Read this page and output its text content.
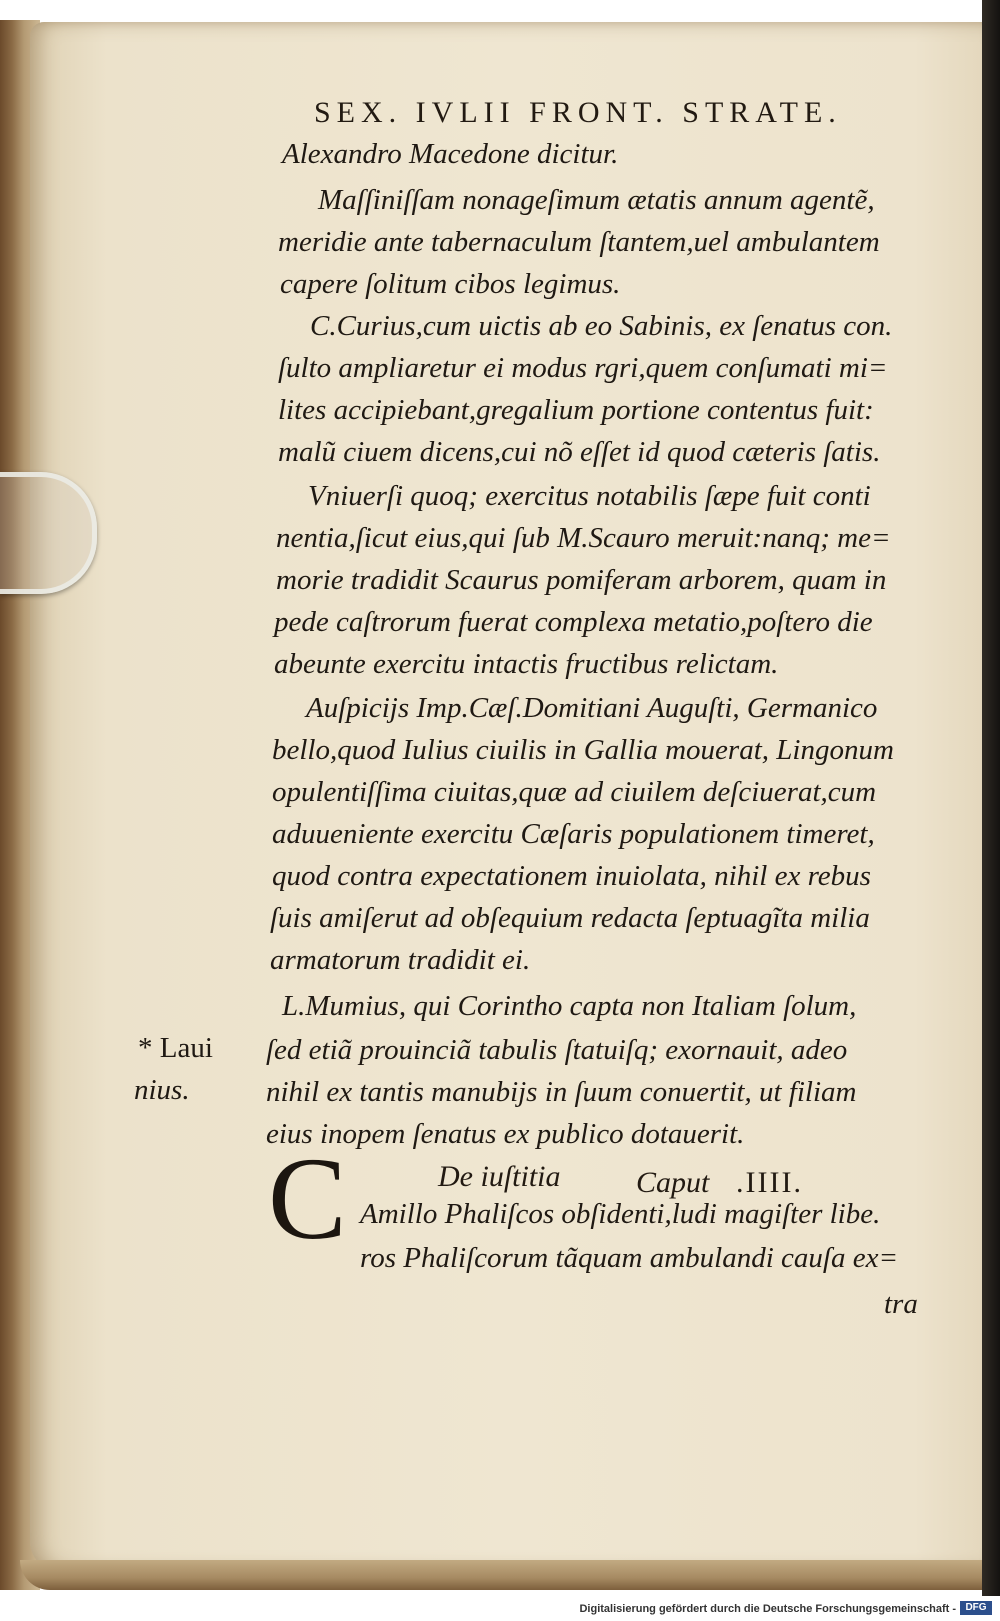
SEX. IVLII FRONT. STRATE.
Alexandro Macedone dicitur.
Maſſiniſſam nonageſimum ætatis annum agentẽ,
meridie ante tabernaculum ſtantem,uel ambulantem
capere ſolitum cibos legimus.
C.Curius,cum uictis ab eo Sabinis, ex ſenatus con.
ſulto ampliaretur ei modus rgri,quem conſumati mi=
lites accipiebant,gregalium portione contentus fuit:
malũ ciuem dicens,cui nõ eſſet id quod cæteris ſatis.
Vniuerſi quoq; exercitus notabilis ſæpe fuit conti
nentia,ſicut eius,qui ſub M.Scauro meruit:nanq; me=
morie tradidit Scaurus pomiferam arborem, quam in
pede caſtrorum fuerat complexa metatio,poſtero die
abeunte exercitu intactis fructibus relictam.
Auſpicijs Imp.Cæſ.Domitiani Auguſti, Germanico
bello,quod Iulius ciuilis in Gallia mouerat, Lingonum
opulentiſſima ciuitas,quæ ad ciuilem deſciuerat,cum
aduueniente exercitu Cæſaris populationem timeret,
quod contra expectationem inuiolata, nihil ex rebus
ſuis amiſerut ad obſequium redacta ſeptuagĩta milia
armatorum tradidit ei.
L.Mumius, qui Corintho capta non Italiam ſolum,
ſed etiã prouinciã tabulis ſtatuiſq; exornauit, adeo
nihil ex tantis manubijs in ſuum conuertit, ut filiam
eius inopem ſenatus ex publico dotauerit.
* Laui
nius.
De iuſtitia	Caput .IIII.
C Amillo Phaliſcos obſidenti,ludi magiſter libe.
ros Phaliſcorum tãquam ambulandi cauſa ex=
tra
Digitalisierung gefördert durch die Deutsche Forschungsgemeinschaft - DFG
